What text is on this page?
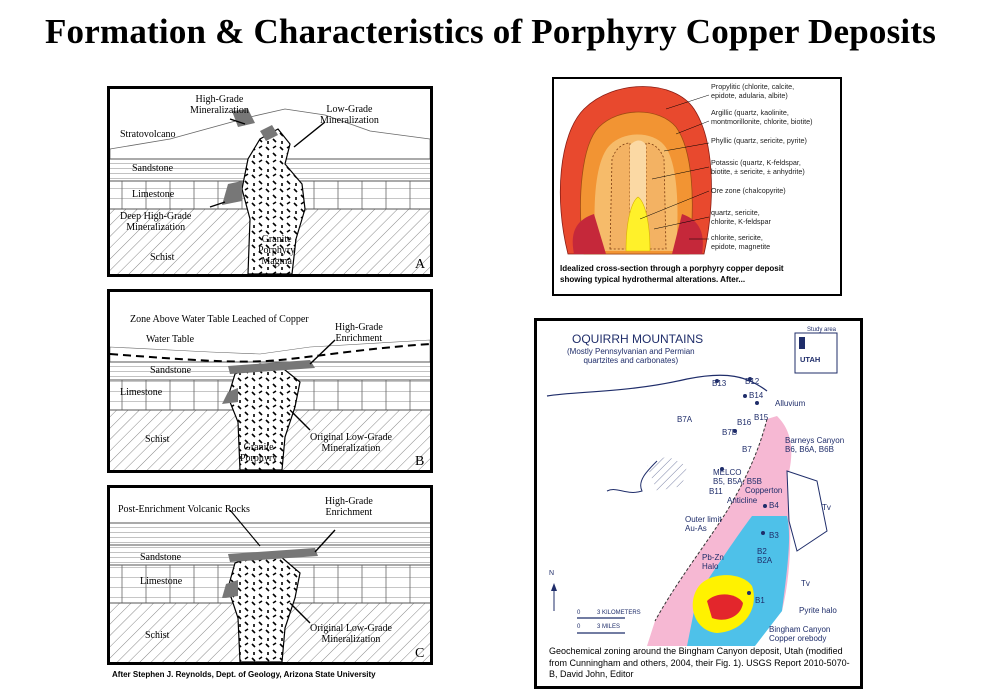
Formation & Characteristics of Porphyry Copper Deposits
High-Grade
Mineralization	Low-Grade
Mineralization
Stratovolcano
Sandstone
Limestone
Deep High-Grade
Mineralization
Schist
Granite
Porphyry
Magma	A
Zone Above Water Table Leached of Copper
Water Table
High-Grade
Enrichment
Sandstone
Limestone
Schist
Granite
Porphyry
Original Low-Grade
Mineralization
B
Post-Enrichment Volcanic Rocks
High-Grade
Enrichment
Sandstone
Limestone
Schist
Original Low-Grade
Mineralization
C
After Stephen J. Reynolds, Dept. of Geology, Arizona State University
Propylitic (chlorite, calcite,
epidote, adularia, albite)
Argillic (quartz, kaolinite,
montmorillonite, chlorite, biotite)
Phyllic (quartz, sericite, pyrite)
Potassic (quartz, K-feldspar,
biotite, ± sericite, ± anhydrite)
Ore zone (chalcopyrite)
quartz, sericite,
chlorite, K-feldspar
chlorite, sericite,
epidote, magnetite
Idealized cross-section through a porphyry copper deposit
showing typical hydrothermal alterations. After...
OQUIRRH MOUNTAINS
(Mostly Pennsylvanian and Permian
quartzites and carbonates)	UTAH
Study area
B13 B12
B14
Alluvium
B7A	B16
B15
B7B
B7
Barneys Canyon
B6, B6A, B6B
MELCO
B5, B5A, B5B
B11
Anticline
Copperton
B4	Tv
Outer limit
Au-As
B3
B2
B2A
Pb-Zn
Halo
Tv
B1
Pyrite halo
Bingham Canyon
Copper orebody
N
0	3 KILOMETERS
0	3 MILES
Geochemical zoning around the Bingham Canyon deposit, Utah (modified from Cunningham and others, 2004, their Fig. 1). USGS Report 2010-5070-B, David John, Editor
